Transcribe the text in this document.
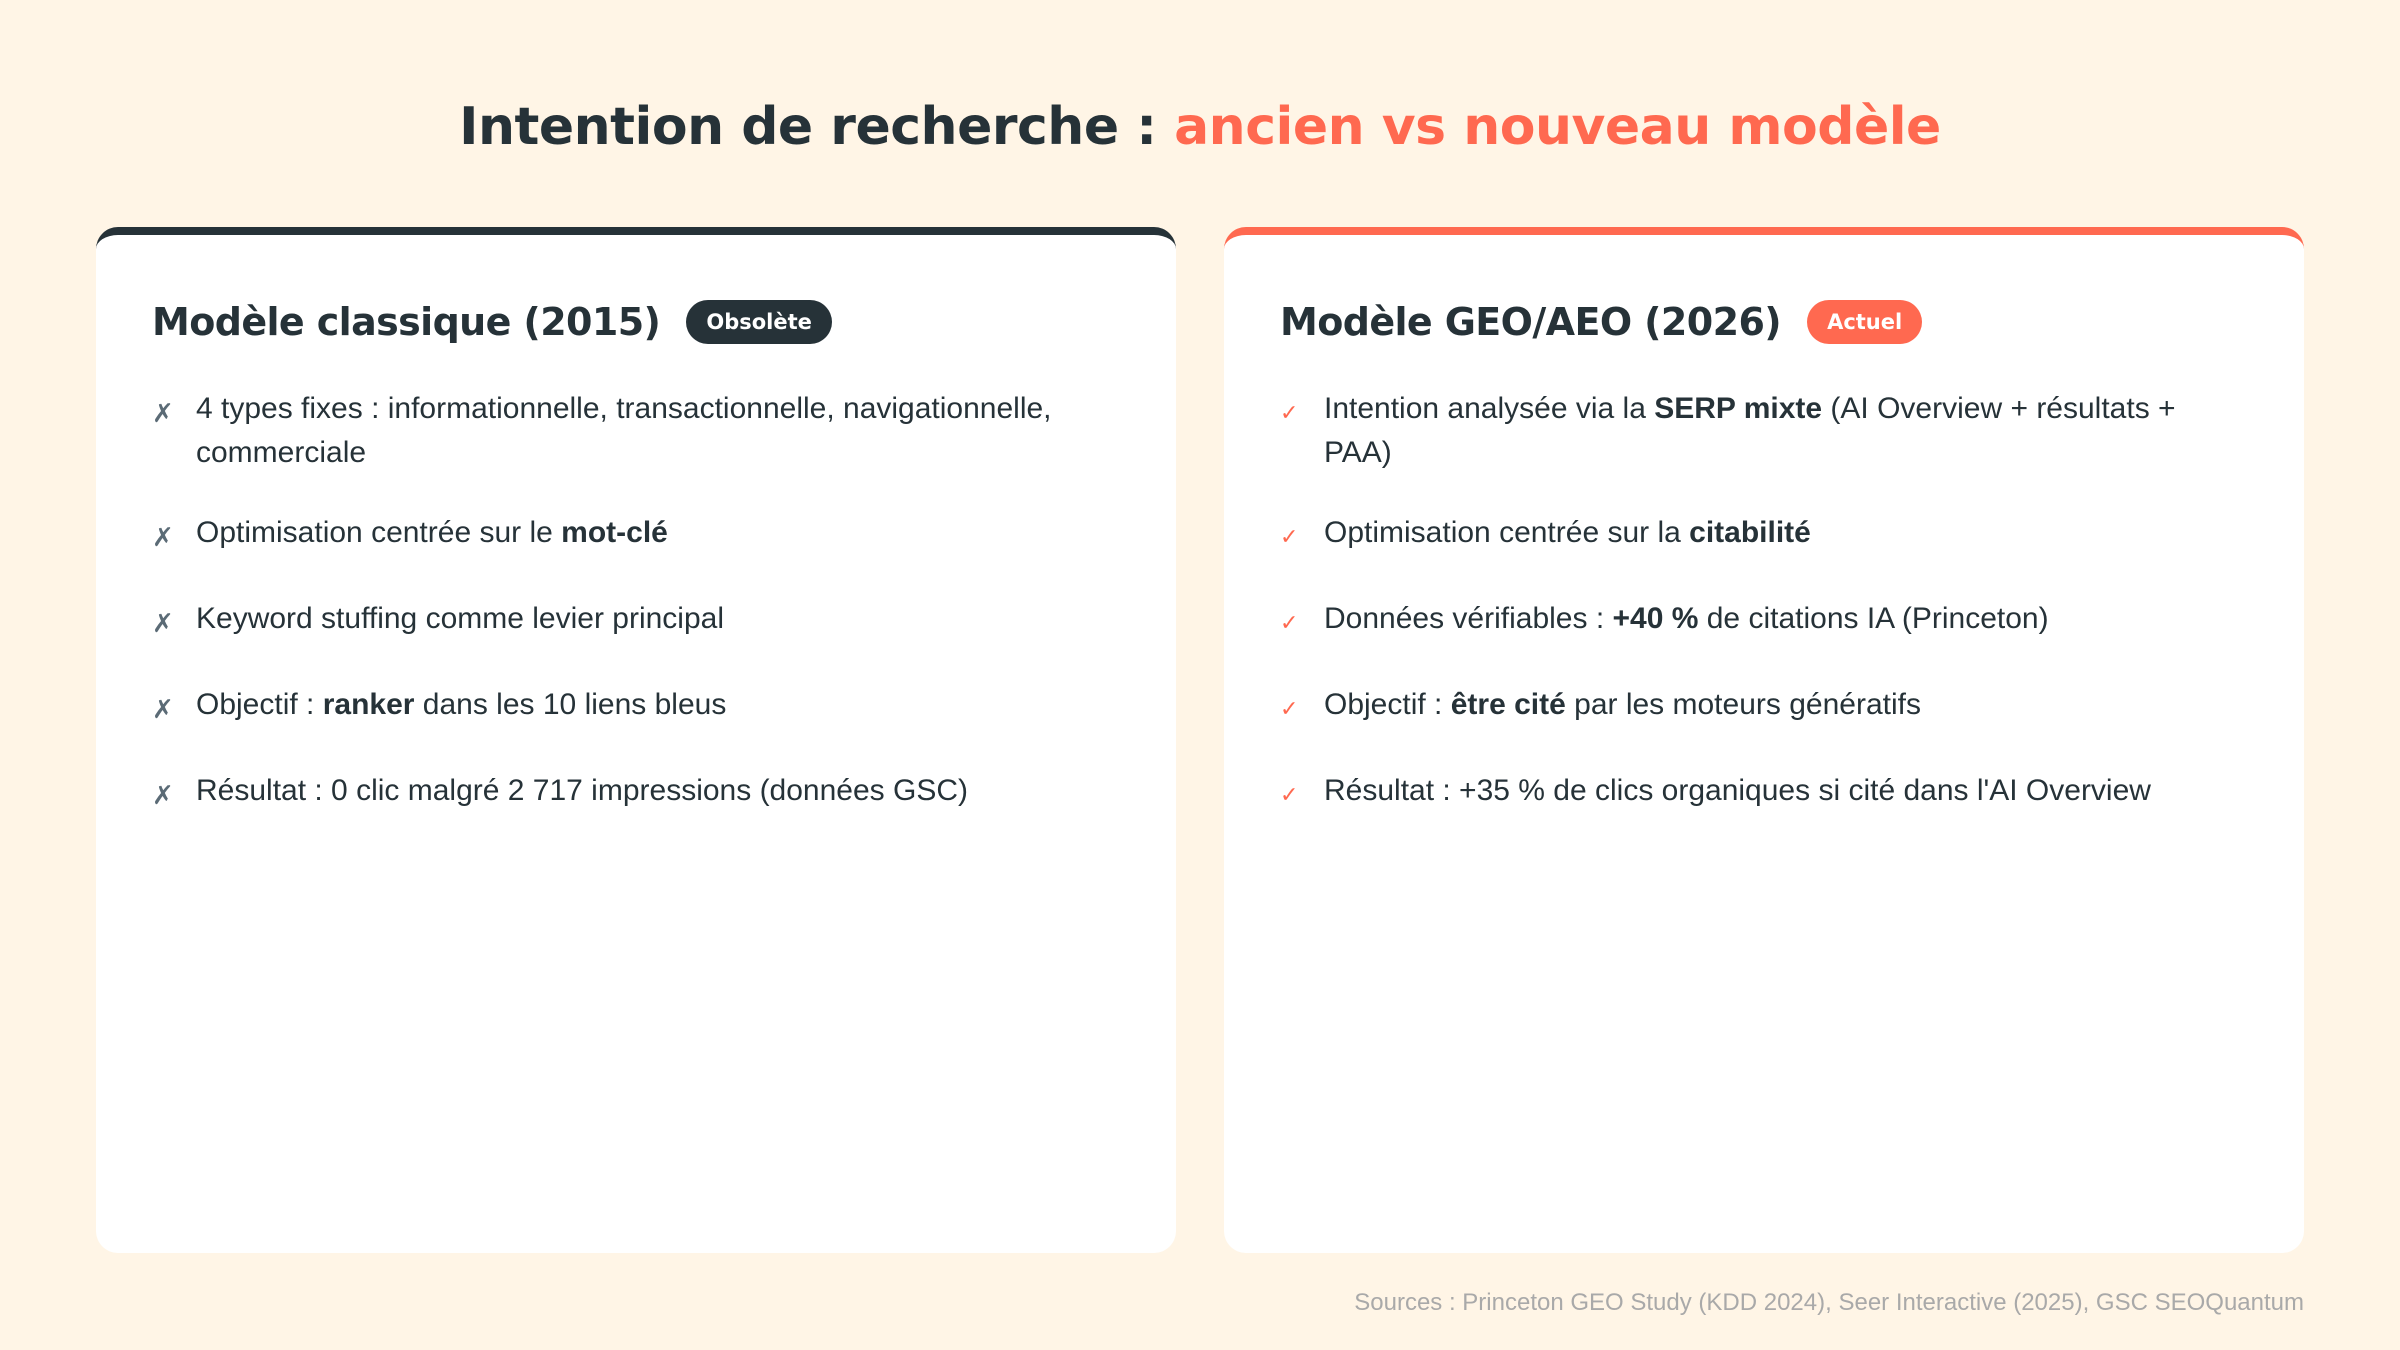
Intention de recherche : ancien vs nouveau modèle
Modèle classique (2015)	Obsolète
✗ 4 types fixes : informationnelle, transactionnelle, navigationnelle, commerciale
✗ Optimisation centrée sur le mot-clé
✗ Keyword stuffing comme levier principal
✗ Objectif : ranker dans les 10 liens bleus
✗ Résultat : 0 clic malgré 2 717 impressions (données GSC)
Modèle GEO/AEO (2026)	Actuel
✓ Intention analysée via la SERP mixte (AI Overview + résultats + PAA)
✓ Optimisation centrée sur la citabilité
✓ Données vérifiables : +40 % de citations IA (Princeton)
✓ Objectif : être cité par les moteurs génératifs
✓ Résultat : +35 % de clics organiques si cité dans l'AI Overview
Sources : Princeton GEO Study (KDD 2024), Seer Interactive (2025), GSC SEOQuantum
